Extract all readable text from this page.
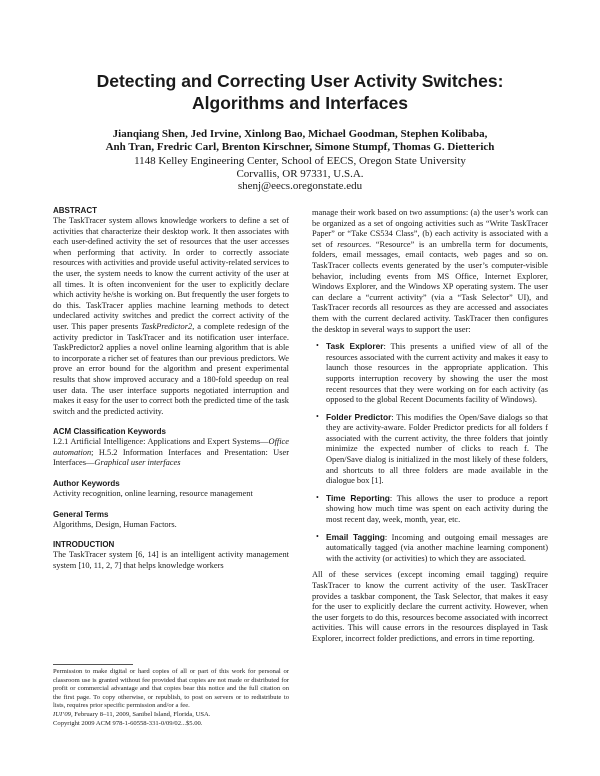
Detecting and Correcting User Activity Switches:
Algorithms and Interfaces
Jianqiang Shen, Jed Irvine, Xinlong Bao, Michael Goodman, Stephen Kolibaba,
Anh Tran, Fredric Carl, Brenton Kirschner, Simone Stumpf, Thomas G. Dietterich
1148 Kelley Engineering Center, School of EECS, Oregon State University
Corvallis, OR 97331, U.S.A.
shenj@eecs.oregonstate.edu
ABSTRACT

The TaskTracer system allows knowledge workers to define a set of activities that characterize their desktop work. It then associates with each user-defined activity the set of resources that the user accesses when performing that activity. In order to correctly associate resources with activities and provide useful activity-related services to the user, the system needs to know the current activity of the user at all times. It is often inconvenient for the user to explicitly declare which activity he/she is working on. But frequently the user forgets to do this. TaskTracer applies machine learning methods to detect undeclared activity switches and predict the correct activity of the user. This paper presents TaskPredictor2, a complete redesign of the activity predictor in TaskTracer and its notification user interface. TaskPredictor2 applies a novel online learning algorithm that is able to incorporate a richer set of features than our previous predictors. We prove an error bound for the algorithm and present experimental results that show improved accuracy and a 180-fold speedup on real user data. The user interface supports negotiated interruption and makes it easy for the user to correct both the predicted time of the task switch and the predicted activity.

ACM Classification Keywords

I.2.1 Artificial Intelligence: Applications and Expert Systems—Office automation; H.5.2 Information Interfaces and Presentation: User Interfaces—Graphical user interfaces

Author Keywords

Activity recognition, online learning, resource management

General Terms

Algorithms, Design, Human Factors.

INTRODUCTION

The TaskTracer system [6, 14] is an intelligent activity management system [10, 11, 2, 7] that helps knowledge workers

Permission to make digital or hard copies of all or part of this work for personal or classroom use is granted without fee provided that copies are not made or distributed for profit or commercial advantage and that copies bear this notice and the full citation on the first page. To copy otherwise, or republish, to post on servers or to redistribute to lists, requires prior specific permission and/or a fee.

IUI’09, February 8–11, 2009, Sanibel Island, Florida, USA.

Copyright 2009 ACM 978-1-60558-331-0/09/02...$5.00.

manage their work based on two assumptions: (a) the user’s work can be organized as a set of ongoing activities such as “Write TaskTracer Paper” or “Take CS534 Class”, (b) each activity is associated with a set of resources. “Resource” is an umbrella term for documents, folders, email messages, email contacts, web pages and so on. TaskTracer collects events generated by the user’s computer-visible behavior, including events from MS Office, Internet Explorer, Windows Explorer, and the Windows XP operating system. The user can declare a “current activity” (via a “Task Selector” UI), and TaskTracer records all resources as they are accessed and associates them with the current declared activity. TaskTracer then configures the desktop in several ways to support the user:

• Task Explorer: This presents a unified view of all of the resources associated with the current activity and makes it easy to launch those resources in the appropriate application. This supports interruption recovery by showing the user the most recent resources that they were working on for each activity (as opposed to the global Recent Documents facility of Windows).
• Folder Predictor: This modifies the Open/Save dialogs so that they are activity-aware. Folder Predictor predicts for all folders f associated with the current activity, the three folders that jointly minimize the expected number of clicks to reach f. The Open/Save dialog is initialized in the most likely of these folders, and shortcuts to all three folders are made available in the dialogue box [1].
• Time Reporting: This allows the user to produce a report showing how much time was spent on each activity during the most recent day, week, month, year, etc.
• Email Tagging: Incoming and outgoing email messages are automatically tagged (via another machine learning component) with the activity (or activities) to which they are associated.

All of these services (except incoming email tagging) require TaskTracer to know the current activity of the user. TaskTracer provides a taskbar component, the Task Selector, that makes it easy for the user to explicitly declare the current activity. However, when the user forgets to do this, resources become associated with incorrect activities. This will cause errors in the resources displayed in Task Explorer, incorrect folder predictions, and errors in time reporting.
